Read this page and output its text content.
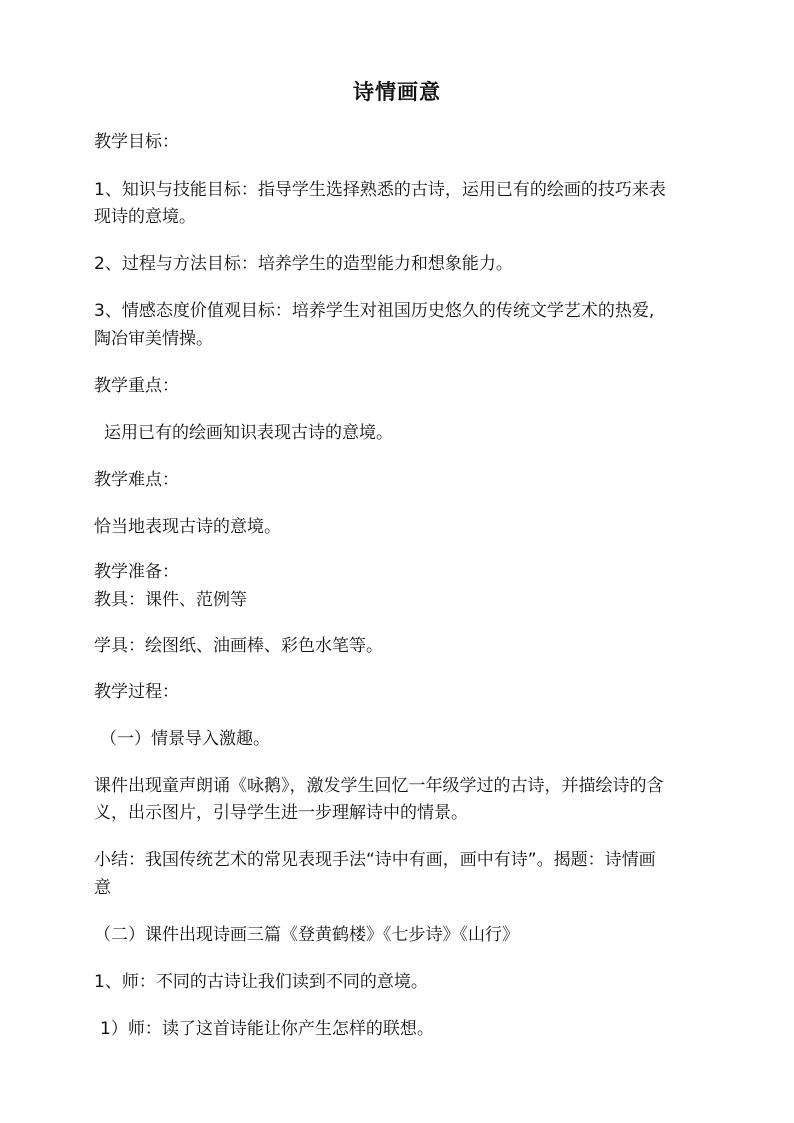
诗情画意
教学目标：
1、知识与技能目标：指导学生选择熟悉的古诗，运用已有的绘画的技巧来表
现诗的意境。
2、过程与方法目标：培养学生的造型能力和想象能力。
3、情感态度价值观目标：培养学生对祖国历史悠久的传统文学艺术的热爱,
陶冶审美情操。
教学重点：
运用已有的绘画知识表现古诗的意境。
教学难点：
恰当地表现古诗的意境。
教学准备：
教具：课件、范例等
学具：绘图纸、油画棒、彩色水笔等。
教学过程：
（一）情景导入激趣。
课件出现童声朗诵《咏鹅》，激发学生回忆一年级学过的古诗，并描绘诗的含
义，出示图片，引导学生进一步理解诗中的情景。
小结：我国传统艺术的常见表现手法“诗中有画，画中有诗”。揭题：诗情画
意
（二）课件出现诗画三篇《登黄鹤楼》《七步诗》《山行》
1、师：不同的古诗让我们读到不同的意境。
1）师：读了这首诗能让你产生怎样的联想。
